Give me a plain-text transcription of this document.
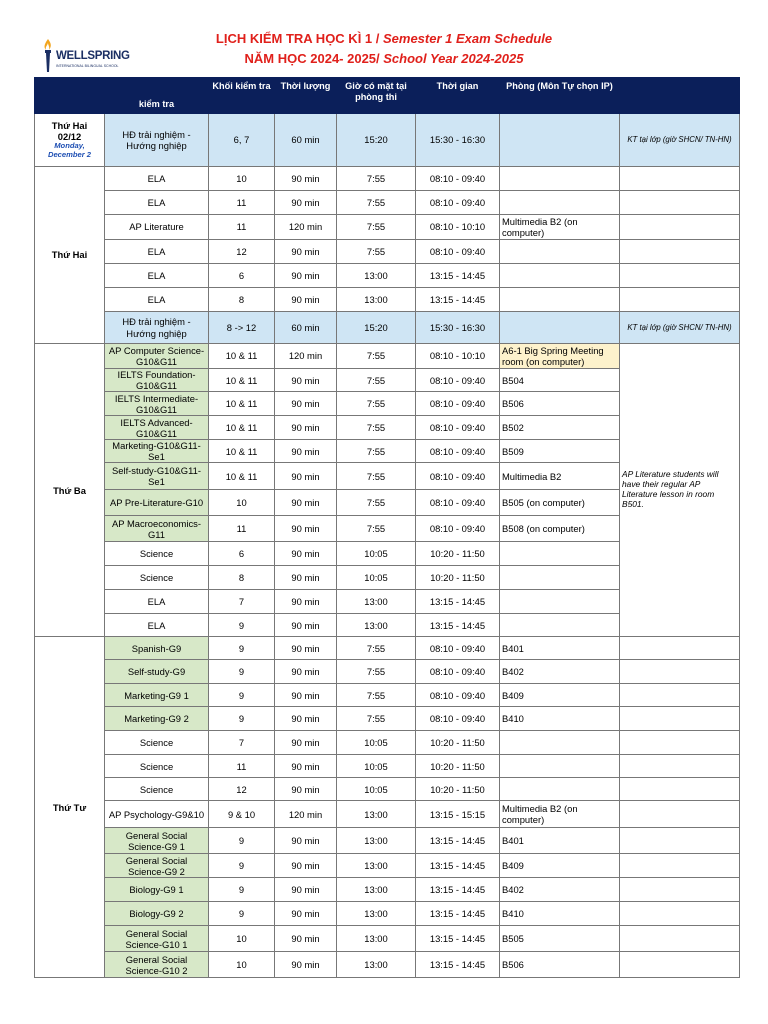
WELLSPRING
INTERNATIONAL BILINGUAL SCHOOL
LỊCH KIỂM TRA HỌC KÌ 1 / Semester 1 Exam Schedule
NĂM HỌC 2024- 2025/ School Year 2024-2025
	kiểm tra	Khối kiểm tra	Thời lượng	Giờ có mặt tại phòng thi	Thời gian	Phòng (Môn Tự chọn IP)	

Thứ Hai
02/12
Monday, December 2	HĐ trải nghiệm - Hướng nghiệp	6, 7	60 min	15:20	15:30 - 16:30		KT tại lớp (giờ SHCN/ TN-HN)
Thứ Hai	ELA	10	90 min	7:55	08:10 - 09:40		
	ELA	11	90 min	7:55	08:10 - 09:40		
	AP Literature	11	120 min	7:55	08:10 - 10:10	Multimedia B2 (on computer)	
	ELA	12	90 min	7:55	08:10 - 09:40		
	ELA	6	90 min	13:00	13:15 - 14:45		
	ELA	8	90 min	13:00	13:15 - 14:45		
	HĐ trải nghiệm - Hướng nghiệp	8 -> 12	60 min	15:20	15:30 - 16:30		KT tại lớp (giờ SHCN/ TN-HN)
Thứ Ba	AP Computer Science-G10&G11	10 & 11	120 min	7:55	08:10 - 10:10	A6-1 Big Spring Meeting room (on computer)	AP Literature students will have their regular AP Literature lesson in room B501.
	IELTS Foundation-G10&G11	10 & 11	90 min	7:55	08:10 - 09:40	B504	
	IELTS Intermediate-G10&G11	10 & 11	90 min	7:55	08:10 - 09:40	B506	
	IELTS Advanced-G10&G11	10 & 11	90 min	7:55	08:10 - 09:40	B502	
	Marketing-G10&G11-Se1	10 & 11	90 min	7:55	08:10 - 09:40	B509	
	Self-study-G10&G11-Se1	10 & 11	90 min	7:55	08:10 - 09:40	Multimedia B2	
	AP Pre-Literature-G10	10	90 min	7:55	08:10 - 09:40	B505 (on computer)	
	AP Macroeconomics-G11	11	90 min	7:55	08:10 - 09:40	B508 (on computer)	
	Science	6	90 min	10:05	10:20 - 11:50		
	Science	8	90 min	10:05	10:20 - 11:50		
	ELA	7	90 min	13:00	13:15 - 14:45		
	ELA	9	90 min	13:00	13:15 - 14:45		
Thứ Tư	Spanish-G9	9	90 min	7:55	08:10 - 09:40	B401	
	Self-study-G9	9	90 min	7:55	08:10 - 09:40	B402	
	Marketing-G9 1	9	90 min	7:55	08:10 - 09:40	B409	
	Marketing-G9 2	9	90 min	7:55	08:10 - 09:40	B410	
	Science	7	90 min	10:05	10:20 - 11:50		
	Science	11	90 min	10:05	10:20 - 11:50		
	Science	12	90 min	10:05	10:20 - 11:50		
	AP Psychology-G9&10	9 & 10	120 min	13:00	13:15 - 15:15	Multimedia B2 (on computer)	
	General Social Science-G9 1	9	90 min	13:00	13:15 - 14:45	B401	
	General Social Science-G9 2	9	90 min	13:00	13:15 - 14:45	B409	
	Biology-G9 1	9	90 min	13:00	13:15 - 14:45	B402	
	Biology-G9 2	9	90 min	13:00	13:15 - 14:45	B410	
	General Social Science-G10 1	10	90 min	13:00	13:15 - 14:45	B505	
	General Social Science-G10 2	10	90 min	13:00	13:15 - 14:45	B506	
